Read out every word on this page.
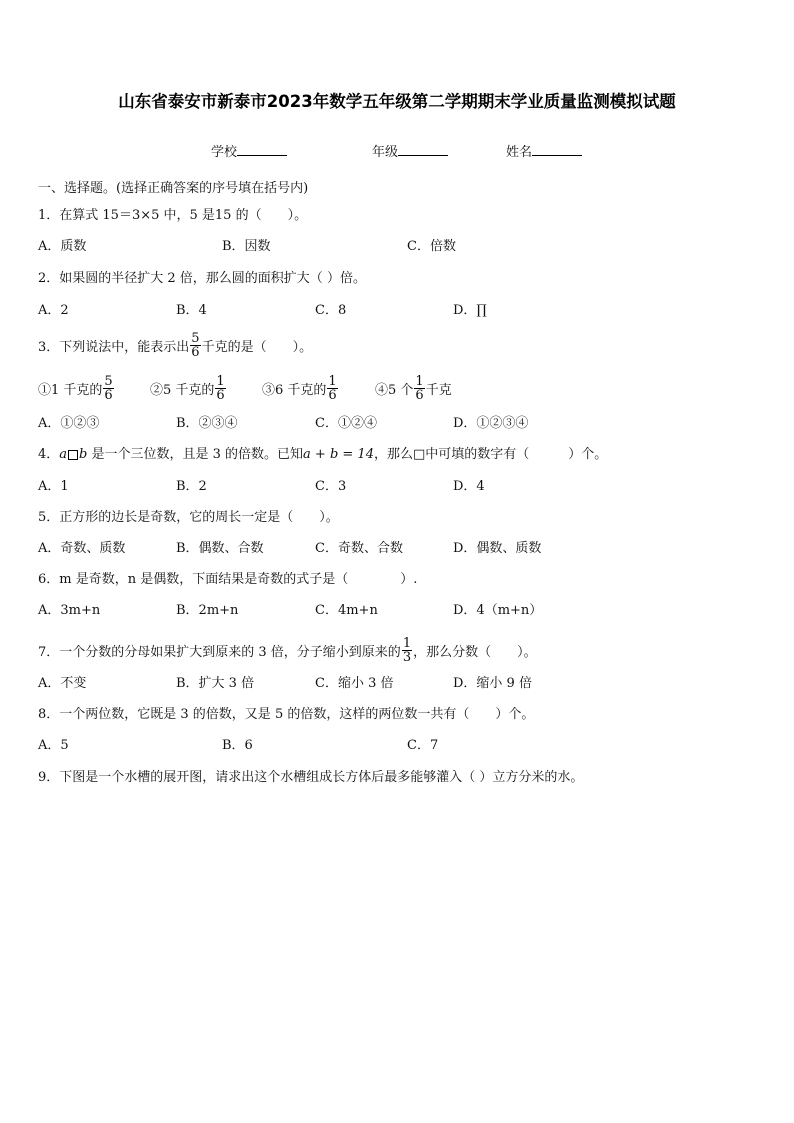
山东省泰安市新泰市2023年数学五年级第二学期期末学业质量监测模拟试题
学校	年级	姓名
一、选择题。(选择正确答案的序号填在括号内)
1．在算式 15＝3×5 中，5 是15 的（　　）。
A．质数	B．因数	C．倍数
2．如果圆的半径扩大 2 倍，那么圆的面积扩大（ ）倍。
A．2	B．4	C．8	D．∏
3．下列说法中，能表示出 $\frac{5}{6}$ 千克的是（　　）。
①1 千克的 $\frac{5}{6}$	②5 千克的 $\frac{1}{6}$	③6 千克的 $\frac{1}{6}$	④5 个 $\frac{1}{6}$ 千克
A．①②③	B．②③④	C．①②④	D．①②③④
4．a b 是一个三位数，且是 3 的倍数。已知a + b = 14，那么□中可填的数字有（　　　）个。
A．1	B．2	C．3	D．4
5．正方形的边长是奇数，它的周长一定是（　　）。
A．奇数、质数	B．偶数、合数	C．奇数、合数	D．偶数、质数
6．m 是奇数，n 是偶数，下面结果是奇数的式子是（　　　　）.
A．3m+n	B．2m+n	C．4m+n	D．4（m+n）
7．一个分数的分母如果扩大到原来的 3 倍，分子缩小到原来的 $\frac{1}{3}$ ，那么分数（　　）。
A．不变	B．扩大 3 倍	C．缩小 3 倍	D．缩小 9 倍
8．一个两位数，它既是 3 的倍数，又是 5 的倍数，这样的两位数一共有（　　）个。
A．5	B．6	C．7
9．下图是一个水槽的展开图，请求出这个水槽组成长方体后最多能够灌入（ ）立方分米的水。
